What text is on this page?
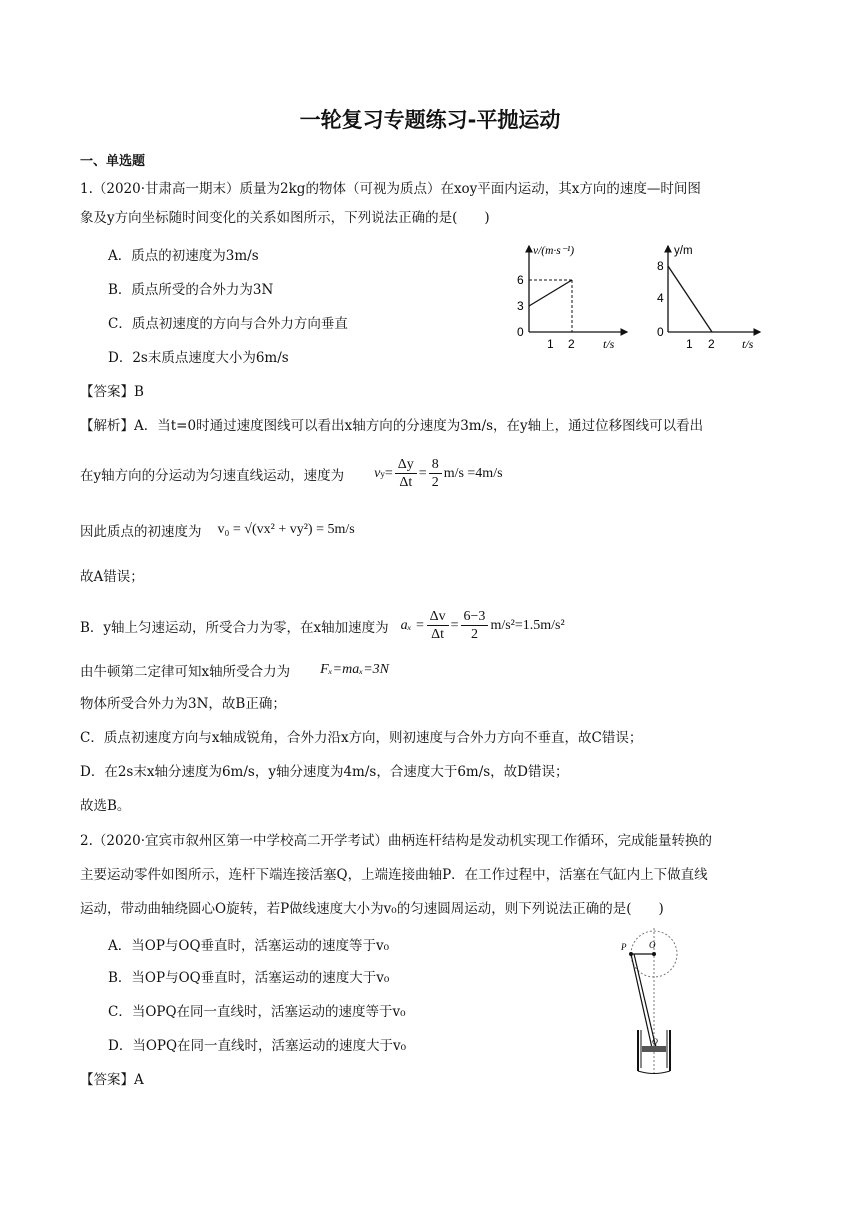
一轮复习专题练习-平抛运动
一、单选题
1.（2020·甘肃高一期末）质量为2kg的物体（可视为质点）在xoy平面内运动，其x方向的速度—时间图
象及y方向坐标随时间变化的关系如图所示，下列说法正确的是(　　)
A．质点的初速度为3m/s
B．质点所受的合外力为3N
C．质点初速度的方向与合外力方向垂直
D．2s末质点速度大小为6m/s
v/(m·s⁻¹)
6
3
0
1 2 t/s
y/m
8
4
0
1 2 t/s
【答案】B
【解析】A．当t=0时通过速度图线可以看出x轴方向的分速度为3m/s，在y轴上，通过位移图线可以看出
在y轴方向的分运动为匀速直线运动，速度为 v $y = \frac{\Delta y}{\Delta t} = \frac{8}{2} m/s =4m/s$
因此质点的初速度为 v₀ = √(vx² + vy²) = 5m/s
故A错误；
B．y轴上匀速运动，所受合力为零，在x轴加速度为 $a_x = \frac{\Delta v}{\Delta t} = \frac{6-3}{2} m/s^2=1.5m/s^2$
由牛顿第二定律可知x轴所受合力为 Fₓ=maₓ=3N
物体所受合外力为3N，故B正确；
C．质点初速度方向与x轴成锐角，合外力沿x方向，则初速度与合外力方向不垂直，故C错误；
D．在2s末x轴分速度为6m/s，y轴分速度为4m/s，合速度大于6m/s，故D错误；
故选B。
2.（2020·宜宾市叙州区第一中学校高二开学考试）曲柄连杆结构是发动机实现工作循环，完成能量转换的
主要运动零件如图所示，连杆下端连接活塞Q，上端连接曲轴P．在工作过程中，活塞在气缸内上下做直线
运动，带动曲轴绕圆心O旋转，若P做线速度大小为v₀的匀速圆周运动，则下列说法正确的是(　　)
A．当OP与OQ垂直时，活塞运动的速度等于v₀
B．当OP与OQ垂直时，活塞运动的速度大于v₀
C．当OPQ在同一直线时，活塞运动的速度等于v₀
D．当OPQ在同一直线时，活塞运动的速度大于v₀
P	O
Q
【答案】A
